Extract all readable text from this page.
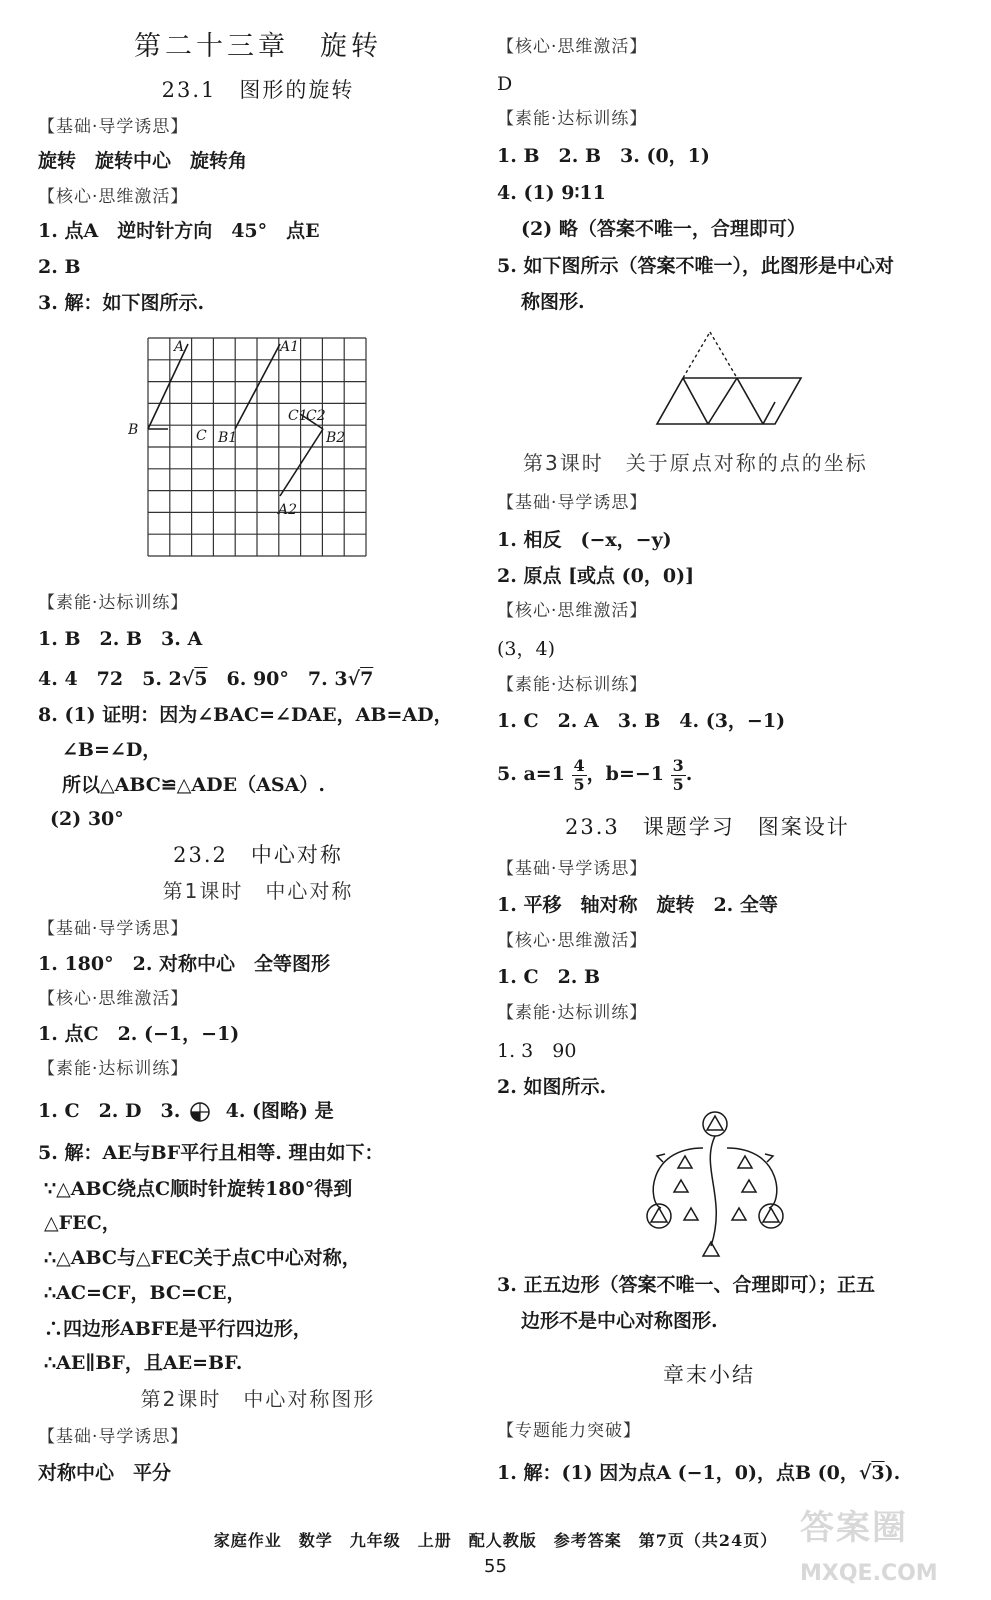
第二十三章　旋转
23.1　图形的旋转
【基础·导学诱思】
旋转　旋转中心　旋转角
【核心·思维激活】
1. 点A　逆时针方向　45°　点E
2. B
3. 解：如下图所示.
A	A1
B	C B1
C1
C2
B2
A2
【素能·达标训练】
1. B　2. B　3. A
4. 4　72　5. 2√5　6. 90°　7. 3√7
8. (1) 证明：因为∠BAC=∠DAE，AB=AD，
∠B=∠D，
所以△ABC≌△ADE（ASA）.
(2) 30°
23.2　中心对称
第1课时　中心对称
【基础·导学诱思】
1. 180°　2. 对称中心　全等图形
【核心·思维激活】
1. 点C　2. (−1，−1)
【素能·达标训练】
1. C　2. D　3. 4. (图略) 是
5. 解：AE与BF平行且相等. 理由如下：
∵△ABC绕点C顺时针旋转180°得到
△FEC，
∴△ABC与△FEC关于点C中心对称，
∴AC=CF，BC=CE，
∴四边形ABFE是平行四边形，
∴AE∥BF，且AE=BF.
第2课时　中心对称图形
【基础·导学诱思】
对称中心　平分
【核心·思维激活】
D
【素能·达标训练】
1. B　2. B　3. (0，1)
4. (1) 9∶11
(2) 略（答案不唯一，合理即可）
5. 如下图所示（答案不唯一），此图形是中心对
称图形.
第3课时　关于原点对称的点的坐标
【基础·导学诱思】
1. 相反　(−x，−y)
2. 原点 [或点 (0，0)]
【核心·思维激活】
(3，4)
【素能·达标训练】
1. C　2. A　3. B　4. (3，−1)
5. $a=1 \frac{4}{5}$ ，$b=-1 \frac{3}{5}$ .
23.3　课题学习　图案设计
【基础·导学诱思】
1. 平移　轴对称　旋转　2. 全等
【核心·思维激活】
1. C　2. B
【素能·达标训练】
1. 3　90
2. 如图所示.
3. 正五边形（答案不唯一、合理即可）；正五
边形不是中心对称图形.
章末小结
【专题能力突破】
1. 解：(1) 因为点A (−1，0)，点B (0，√3).
答案圈
MXQE.COM
家庭作业　数学　九年级　上册　配人教版　参考答案　第7页（共24页）
55
